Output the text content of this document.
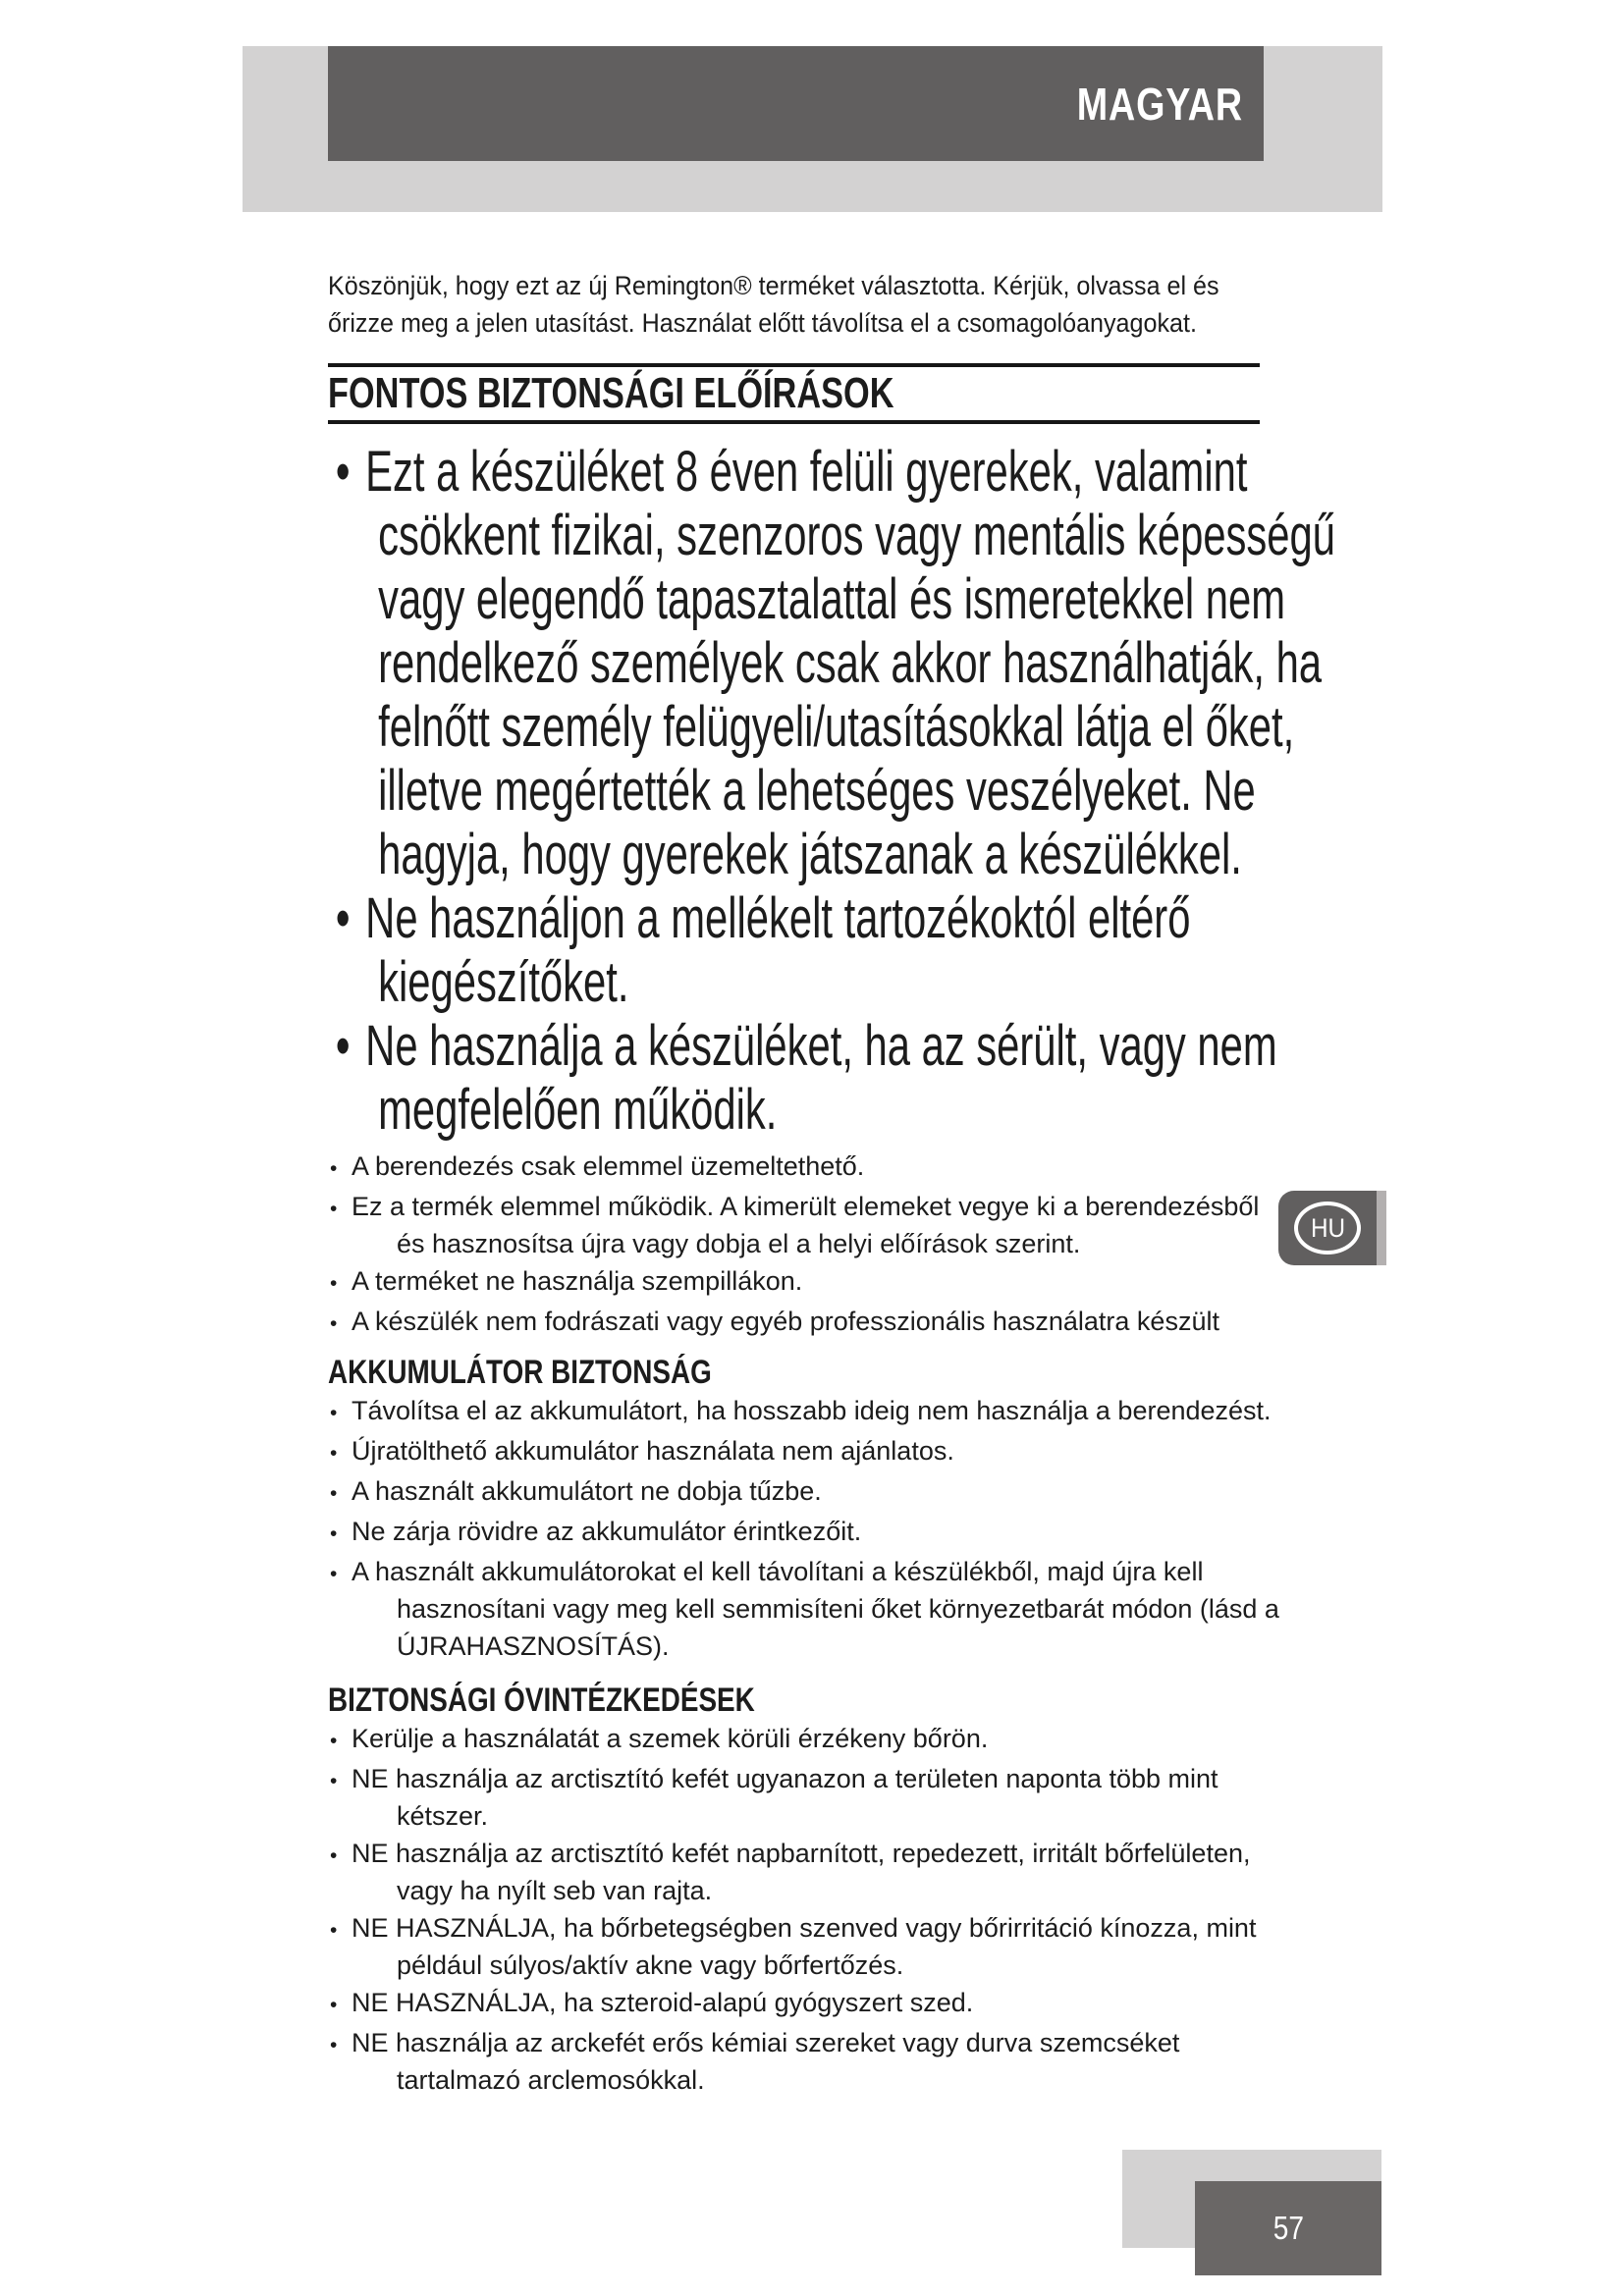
MAGYAR
Köszönjük, hogy ezt az új Remington® terméket választotta. Kérjük, olvassa el és
őrizze meg a jelen utasítást. Használat előtt távolítsa el a csomagolóanyagokat.
FONTOS BIZTONSÁGI ELŐÍRÁSOK
•
Ezt a készüléket 8 éven felüli gyerekek, valamint
csökkent fizikai, szenzoros vagy mentális képességű
vagy elegendő tapasztalattal és ismeretekkel nem
rendelkező személyek csak akkor használhatják, ha
felnőtt személy felügyeli/utasításokkal látja el őket,
illetve megértették a lehetséges veszélyeket. Ne
hagyja, hogy gyerekek játszanak a készülékkel.
•
Ne használjon a mellékelt tartozékoktól eltérő
kiegészítőket.
•
Ne használja a készüléket, ha az sérült, vagy nem
megfelelően működik.
•
A berendezés csak elemmel üzemeltethető.
•
Ez a termék elemmel működik. A kimerült elemeket vegye ki a berendezésből
és hasznosítsa újra vagy dobja el a helyi előírások szerint.
•
A terméket ne használja szempillákon.
•
A készülék nem fodrászati vagy egyéb professzionális használatra készült
AKKUMULÁTOR BIZTONSÁG
•
Távolítsa el az akkumulátort, ha hosszabb ideig nem használja a berendezést.
•
Újratölthető akkumulátor használata nem ajánlatos.
•
A használt akkumulátort ne dobja tűzbe.
•
Ne zárja rövidre az akkumulátor érintkezőit.
•
A használt akkumulátorokat el kell távolítani a készülékből, majd újra kell
hasznosítani vagy meg kell semmisíteni őket környezetbarát módon (lásd a
ÚJRAHASZNOSÍTÁS).
BIZTONSÁGI ÓVINTÉZKEDÉSEK
•
Kerülje a használatát a szemek körüli érzékeny bőrön.
•
NE használja az arctisztító kefét ugyanazon a területen naponta több mint
kétszer.
•
NE használja az arctisztító kefét napbarnított, repedezett, irritált bőrfelületen,
vagy ha nyílt seb van rajta.
•
NE HASZNÁLJA, ha bőrbetegségben szenved vagy bőrirritáció kínozza, mint
például súlyos/aktív akne vagy bőrfertőzés.
•
NE HASZNÁLJA, ha szteroid-alapú gyógyszert szed.
•
NE használja az arckefét erős kémiai szereket vagy durva szemcséket
tartalmazó arclemosókkal.
HU
57
